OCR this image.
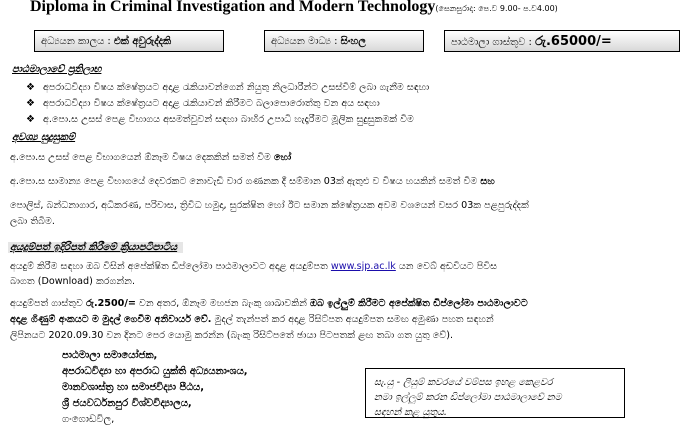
Diploma in Criminal Investigation and Modern Technology(සෙනසුරාදා: පෙ.ව 9.00- ප.ව4.00)
අධ්‍යයන කාලය : එක් අවුරුද්දකි	අධ්‍යයන මාධ්‍ය : සිංහල	පාඨමාලා ගාස්තුව : රු.65000/=
පාඨමාලාවේ ප්‍රතිලාභ
❖ අපරාධවිද්‍යා විෂය ක්ෂේත්‍රයට අදාළ රැකියාවන්ගෙන් නියුතු නිලධාරීන්ට උසස්වීම් ලබා ගැනීම සඳහා
❖ අපරාධවිද්‍යා විෂය ක්ෂේත්‍රයට අදාළ රැකියාවන් කිරීමට බලාපොරොත්තු වන අය සඳහා
❖ අ.පො.ස උසස් පෙළ විභාගය අසමත්වුවන් සඳහා බාහිර උපාධි හැදෑරීමට මූලික සුදුසුකමක් වීම
අවශ්‍ය සුදුසුකම්
අ.පො.ස උසස් පෙළ විභාගයෙන් ඕනෑම විෂය දෙකකින් සමත් වීම හෝ
අ.පො.ස සාමාන්‍ය පෙළ විභාගයේ දෙවරකට නොවැඩි වාර ගණනක දී සම්මාන 03ක් ඇතුළු ව විෂය හයකින් සමත් වීම සහ
පොලිස්, බන්ධනාගාර, අධිකරණ, පරිවාස, ත්‍රිවිධ හමුදා, සුරක්ෂිත හෝ ඊට සමාන ක්ෂේත්‍රයක අවම වශයෙන් වසර 03ක පළපුරුද්දක්
ලබා තිබීම.
අයදුම්පත් ඉදිරිපත් කිරීමේ ක්‍රියාපටිපාටිය
අයදුම් කිරීම සඳහා ඔබ විසින් අපේක්ෂිත ඩිප්ලෝමා පාඨමාලාවට අදාළ අයදුම්පත www.sjp.ac.lk යන වෙබ් අඩවියට පිවිස
බාගත (Download) කරගන්න.
අයදුම්පත් ගාස්තුව රු.2500/= වන අතර, ඕනෑම මහජන බැංකු ශාඛාවකින් ඔබ ඉල්ලුම් කිරීමට අපේක්ෂිත ඩිප්ලෝමා පාඨමාලාවට
අදාළ ගිණුම් අංකයට ම මුදල් ගෙවීම අනිවාර්ය වේ. මුදල් තැන්පත් කර අදාළ රිසිට්පත අයදුම්පත සමඟ අමුණා පහත සඳහන්
ලිපිනයට 2020.09.30 වන දිනට පෙර යොමු කරන්න (බැංකු රිසිට්පතේ ඡායා පිටපතක් ළඟ තබා ගත යුතු වේ).
පාඨමාලා සමායෝජක,
අපරාධවිද්‍යා හා අපරාධ යුක්ති අධ්‍යයනාංශය,
මානවශාස්ත්‍ර හා සමාජවිද්‍යා පීඨය,
ශ්‍රී ජයවර්ධනපුර විශ්වවිද්‍යාලය,
ගංගොඩවිල,
සැ.යු - ලියුම් කවරයේ වම්පස ඉහළ කෙළවර
නමා ඉල්ලුම් කරන ඩිප්ලෝමා පාඨමාලාවේ නම
සඳහන් කළ යුතුය.
